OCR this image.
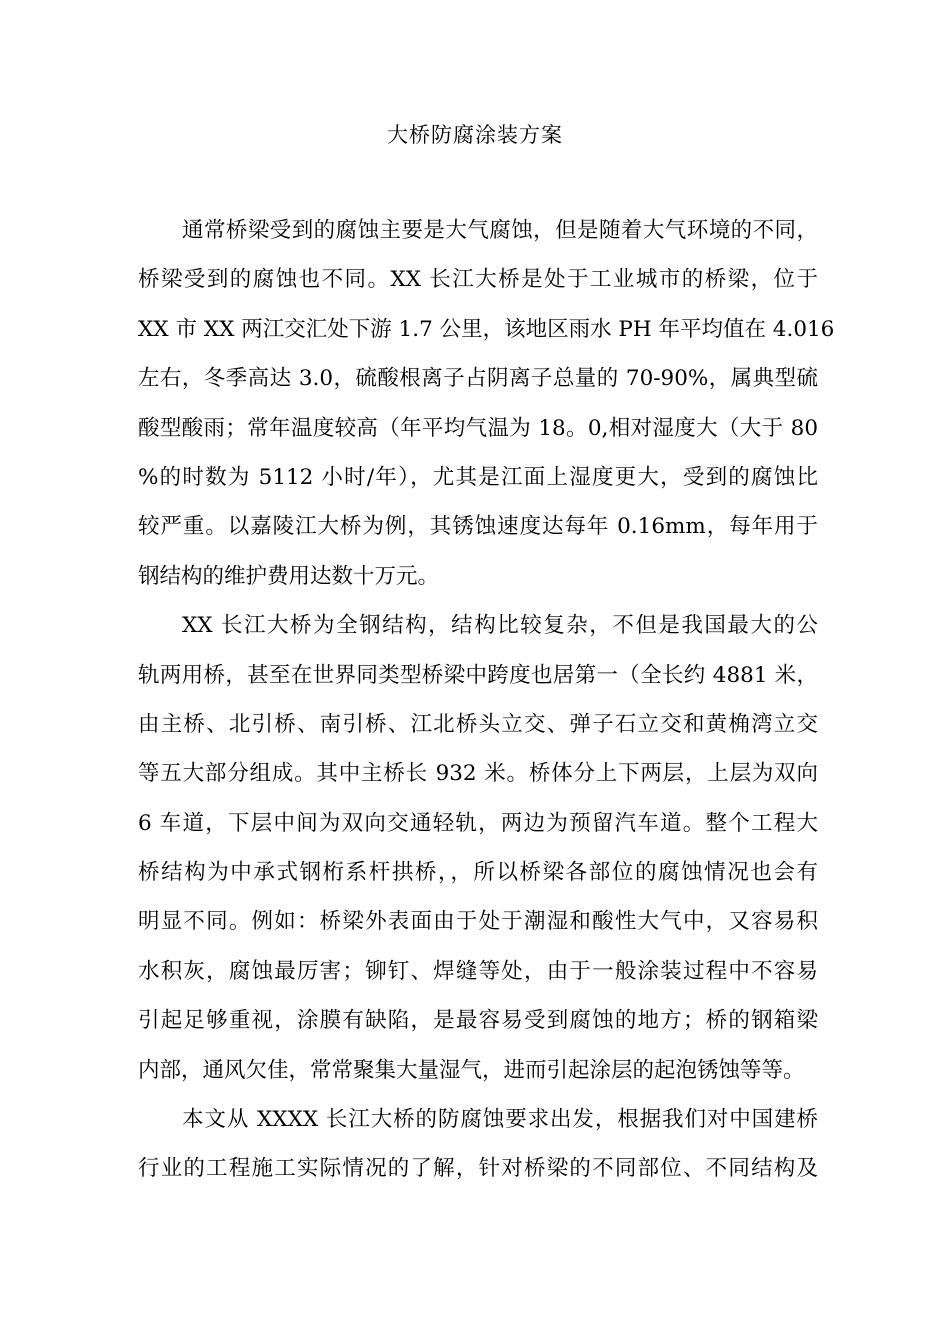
大桥防腐涂装方案
通常桥梁受到的腐蚀主要是大气腐蚀，但是随着大气环境的不同，
桥梁受到的腐蚀也不同。XX 长江大桥是处于工业城市的桥梁，位于
XX 市 XX 两江交汇处下游 1.7 公里，该地区雨水 PH 年平均值在 4.016
左右，冬季高达 3.0，硫酸根离子占阴离子总量的 70-90%，属典型硫
酸型酸雨；常年温度较高（年平均气温为 18。0,相对湿度大（大于 80
%的时数为 5112 小时/年），尤其是江面上湿度更大，受到的腐蚀比
较严重。以嘉陵江大桥为例，其锈蚀速度达每年 0.16mm，每年用于
钢结构的维护费用达数十万元。
XX 长江大桥为全钢结构，结构比较复杂，不但是我国最大的公
轨两用桥，甚至在世界同类型桥梁中跨度也居第一（全长约 4881 米，
由主桥、北引桥、南引桥、江北桥头立交、弹子石立交和黄桷湾立交
等五大部分组成。其中主桥长 932 米。桥体分上下两层，上层为双向
6 车道，下层中间为双向交通轻轨，两边为预留汽车道。整个工程大
桥结构为中承式钢桁系杆拱桥，，所以桥梁各部位的腐蚀情况也会有
明显不同。例如：桥梁外表面由于处于潮湿和酸性大气中，又容易积
水积灰，腐蚀最厉害；铆钉、焊缝等处，由于一般涂装过程中不容易
引起足够重视，涂膜有缺陷，是最容易受到腐蚀的地方；桥的钢箱梁
内部，通风欠佳，常常聚集大量湿气，进而引起涂层的起泡锈蚀等等。
本文从 XXXX 长江大桥的防腐蚀要求出发，根据我们对中国建桥
行业的工程施工实际情况的了解，针对桥梁的不同部位、不同结构及
